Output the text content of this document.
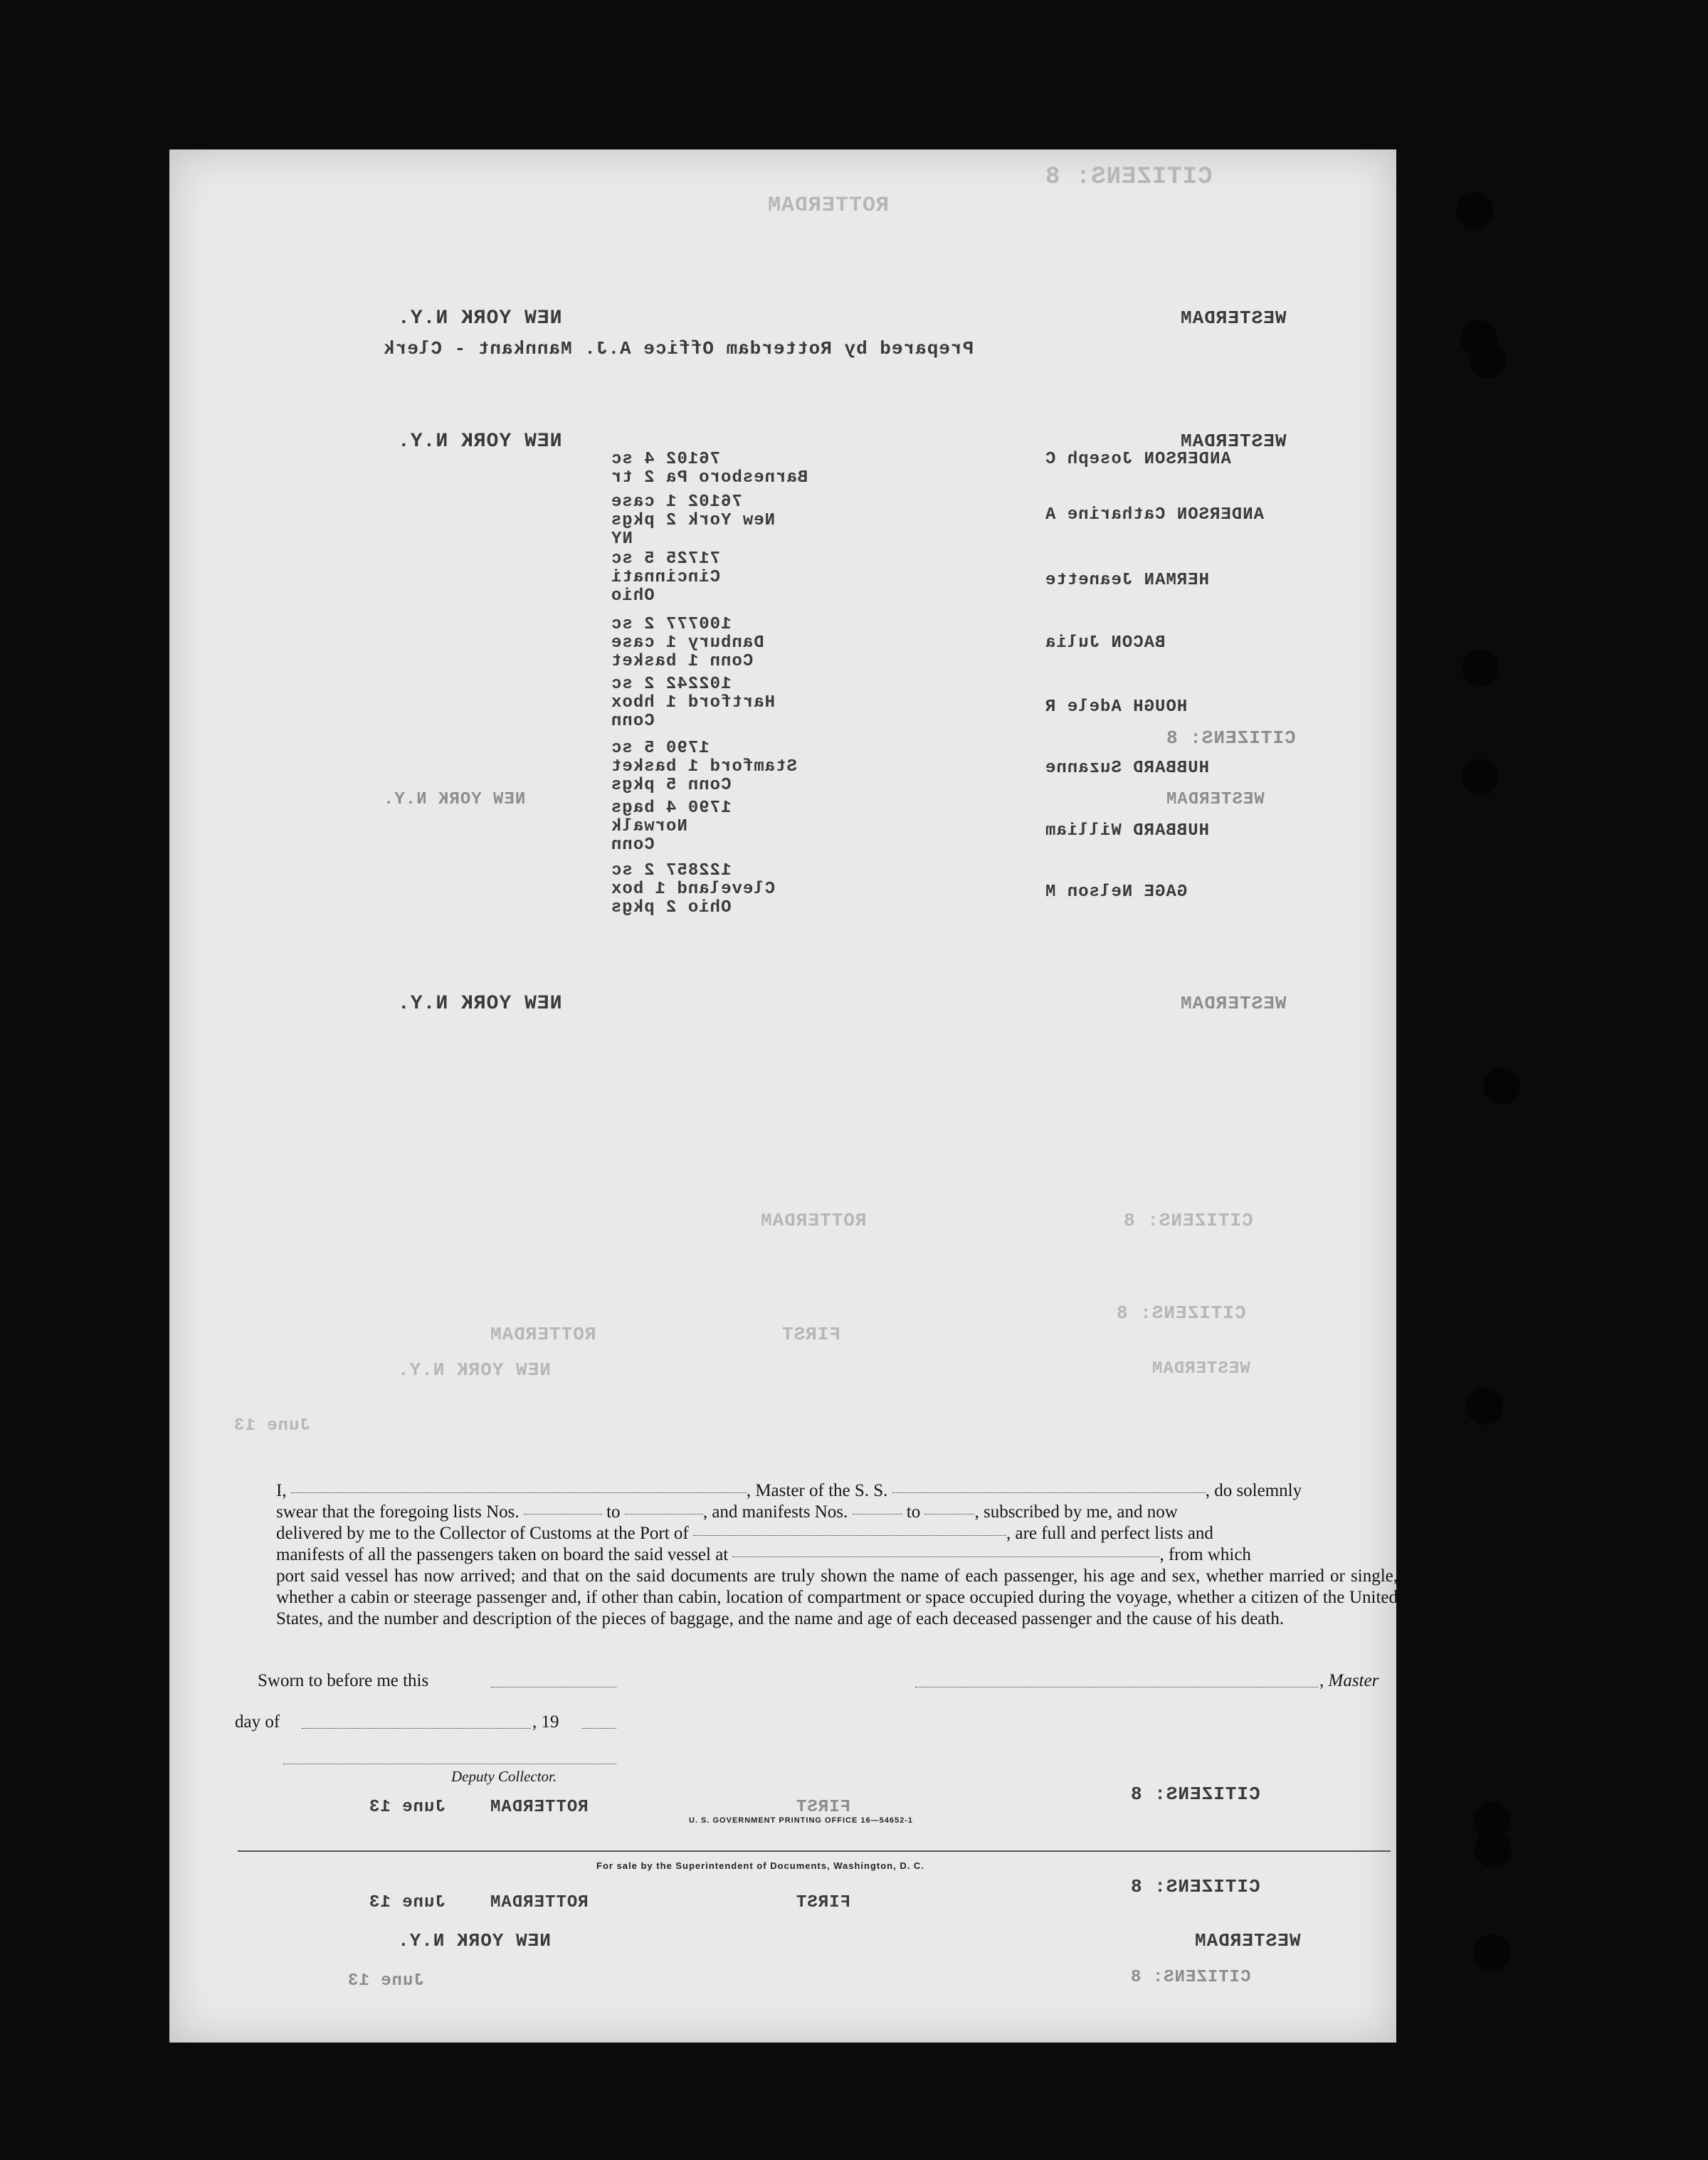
CITIZENS: 8
ROTTERDAM
WESTERDAM
NEW YORK N.Y.
Prepared by Rotterdam Office A.J. Mannkant - Clerk
WESTERDAM
NEW YORK N.Y.
ANDERSON Joseph C
76102 4 sc
Barnesboro Pa 2 tr
ANDERSON Catharine A
76102 1 case
New York 2 pkgs
NY
HERMAN Jeanette
71725 5 sc
Cincinnati
Ohio
BACON Julia
100777 2 sc
Danbury 1 case
Conn 1 basket
HOUGH Adele R
102242 2 sc
Hartford 1 hbox
Conn
CITIZENS: 8
HUBBARD Suzanne
1790 5 sc
Stamford 1 basket
Conn 5 pkgs
WESTERDAM
NEW YORK N.Y.
HUBBARD William
1790 4 bags
Norwalk
Conn
GAGE Nelson M
122857 2 sc
Cleveland 1 box
Ohio 2 pkgs
WESTERDAM
NEW YORK N.Y.
CITIZENS: 8
ROTTERDAM
CITIZENS: 8
FIRST
ROTTERDAM
WESTERDAM
NEW YORK N.Y.
June 13
U. S. GOVERNMENT PRINTING OFFICE 16—54652-1
For sale by the Superintendent of Documents, Washington, D. C.
CITIZENS: 8
FIRST
ROTTERDAM
June 13
CITIZENS: 8
FIRST
ROTTERDAM
June 13
WESTERDAM
NEW YORK N.Y.
CITIZENS: 8
June 13

I,	, Master of the S. S.	, do solemnly

swear that the foregoing lists Nos.	to	, and manifests Nos.	to	, subscribed by me, and now

delivered by me to the Collector of Customs at the Port of	, are full and perfect lists and

manifests of all the passengers taken on board the said vessel at	, from which

port said vessel has now arrived; and that on the said documents are truly shown the name of each passenger, his age and sex, whether married or single, whether a cabin or steerage passenger and, if other than cabin, location of compartment or space occupied during the voyage, whether a citizen of the United States, and the number and description of the pieces of baggage, and the name and age of each deceased passenger and the cause of his death.

Sworn to before me this	, Master
day of	, 19
Deputy Collector.
